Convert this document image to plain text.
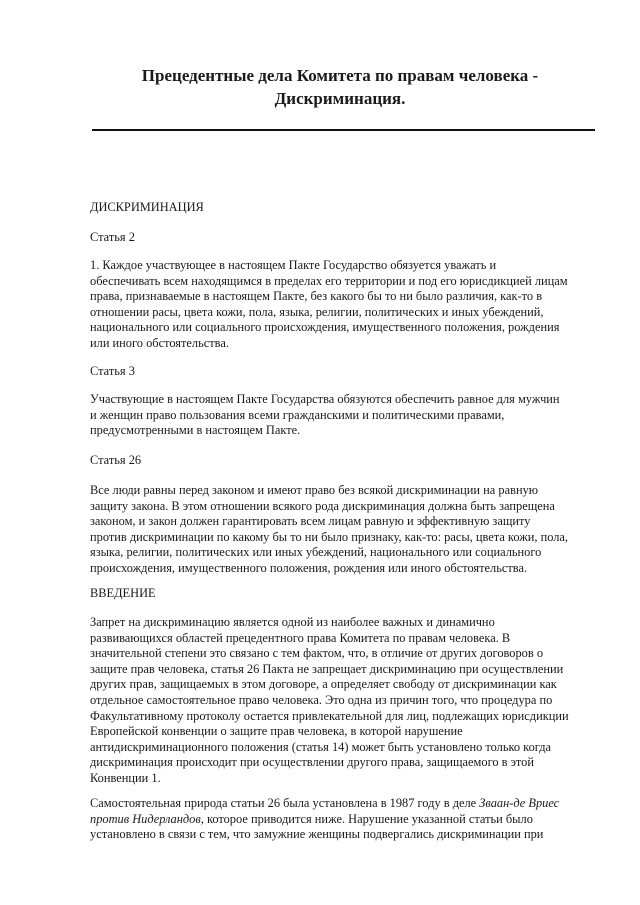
Прецедентные дела Комитета по правам человека -
Дискриминация.
ДИСКРИМИНАЦИЯ
Статья 2
1. Каждое участвующее в настоящем Пакте Государство обязуется уважать и
обеспечивать всем находящимся в пределах его территории и под его юрисдикцией лицам
права, признаваемые в настоящем Пакте, без какого бы то ни было различия, как-то в
отношении расы, цвета кожи, пола, языка, религии, политических и иных убеждений,
национального или социального происхождения, имущественного положения, рождения
или иного обстоятельства.
Статья 3
Участвующие в настоящем Пакте Государства обязуются обеспечить равное для мужчин
и женщин право пользования всеми гражданскими и политическими правами,
предусмотренными в настоящем Пакте.
Статья 26
Все люди равны перед законом и имеют право без всякой дискриминации на равную
защиту закона. В этом отношении всякого рода дискриминация должна быть запрещена
законом, и закон должен гарантировать всем лицам равную и эффективную защиту
против дискриминации по какому бы то ни было признаку, как-то: расы, цвета кожи, пола,
языка, религии, политических или иных убеждений, национального или социального
происхождения, имущественного положения, рождения или иного обстоятельства.
ВВЕДЕНИЕ
Запрет на дискриминацию является одной из наиболее важных и динамично
развивающихся областей прецедентного права Комитета по правам человека. В
значительной степени это связано с тем фактом, что, в отличие от других договоров о
защите прав человека, статья 26 Пакта не запрещает дискриминацию при осуществлении
других прав, защищаемых в этом договоре, а определяет свободу от дискриминации как
отдельное самостоятельное право человека. Это одна из причин того, что процедура по
Факультативному протоколу остается привлекательной для лиц, подлежащих юрисдикции
Европейской конвенции о защите прав человека, в которой нарушение
антидискриминационного положения (статья 14) может быть установлено только когда
дискриминация происходит при осуществлении другого права, защищаемого в этой
Конвенции 1.
Самостоятельная природа статьи 26 была установлена в 1987 году в деле Зваан-де Вриес
против Нидерландов, которое приводится ниже. Нарушение указанной статьи было
установлено в связи с тем, что замужние женщины подвергались дискриминации при
